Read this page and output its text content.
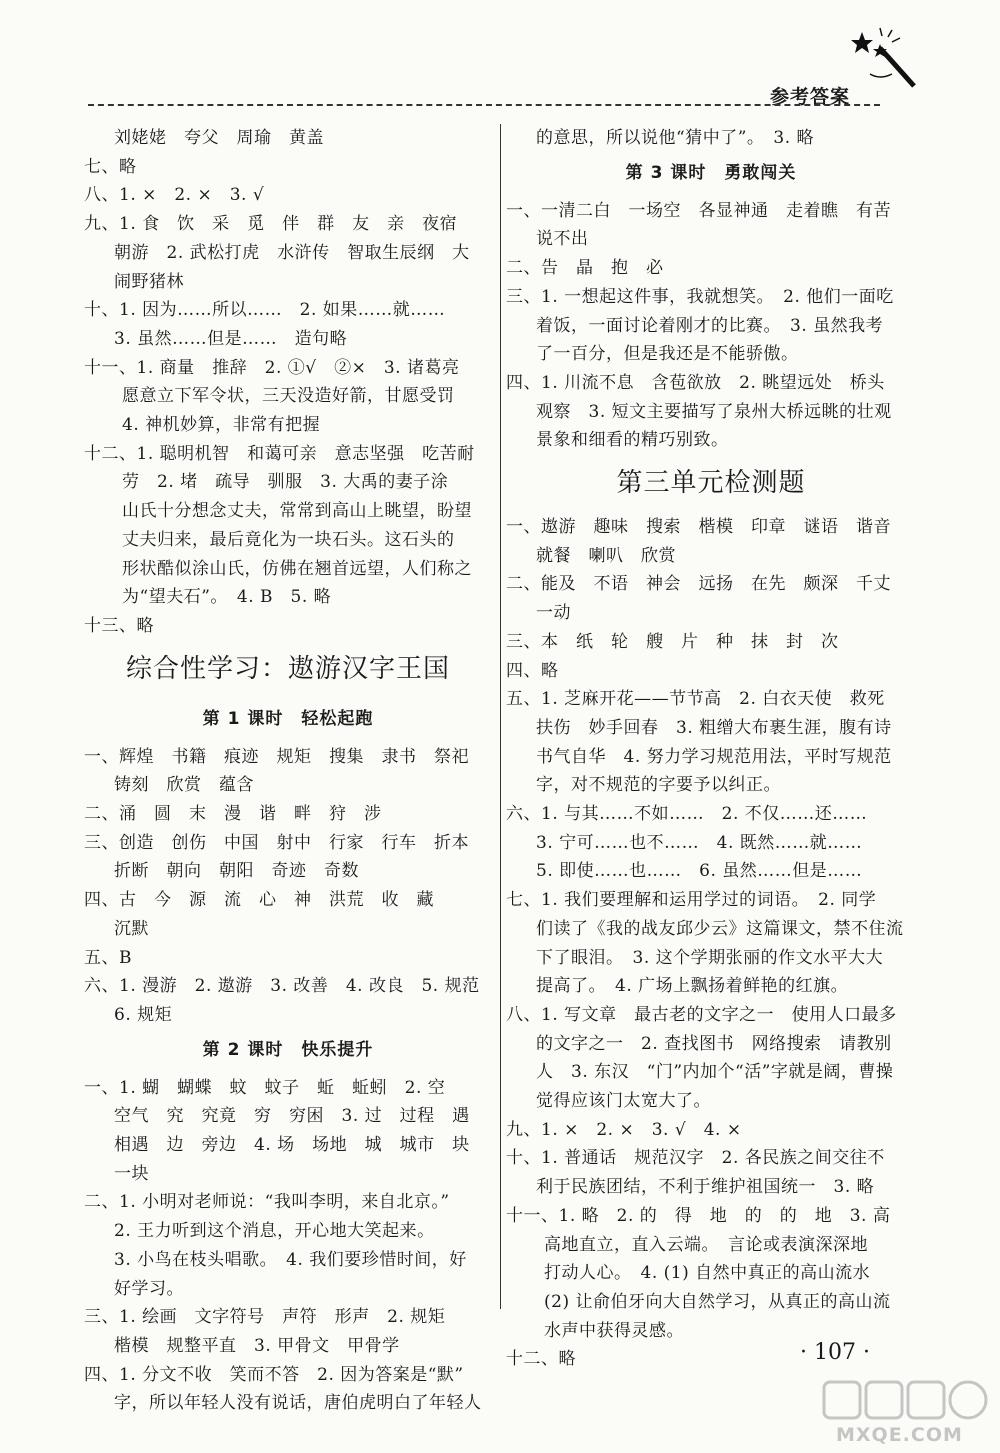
参考答案
刘姥姥　夸父　周瑜　黄盖
七、略
八、1. ×　2. ×　3. √
九、1. 食　饮　采　觅　伴　群　友　亲　夜宿
朝游　2. 武松打虎　水浒传　智取生辰纲　大
闹野猪林
十、1. 因为……所以……　2. 如果……就……
3. 虽然……但是……　造句略
十一、1. 商量　推辞　2. ①√　②×　3. 诸葛亮
愿意立下军令状，三天没造好箭，甘愿受罚
4. 神机妙算，非常有把握
十二、1. 聪明机智　和蔼可亲　意志坚强　吃苦耐
劳　2. 堵　疏导　驯服　3. 大禹的妻子涂
山氏十分想念丈夫，常常到高山上眺望，盼望
丈夫归来，最后竟化为一块石头。这石头的
形状酷似涂山氏，仿佛在翘首远望，人们称之
为“望夫石”。　4. B　5. 略
十三、略
综合性学习：遨游汉字王国
第 1 课时　轻松起跑
一、辉煌　书籍　痕迹　规矩　搜集　隶书　祭祀
铸刻　欣赏　蕴含
二、涌　圆　末　漫　谐　畔　狩　涉
三、创造　创伤　中国　射中　行家　行车　折本
折断　朝向　朝阳　奇迹　奇数
四、古　今　源　流　心　神　洪荒　收　藏
沉默
五、B
六、1. 漫游　2. 遨游　3. 改善　4. 改良　5. 规范
6. 规矩
第 2 课时　快乐提升
一、1. 蝴　蝴蝶　蚊　蚊子　蚯　蚯蚓　2. 空
空气　究　究竟　穷　穷困　3. 过　过程　遇
相遇　边　旁边　4. 场　场地　城　城市　块
一块
二、1. 小明对老师说：“我叫李明，来自北京。”
2. 王力听到这个消息，开心地大笑起来。
3. 小鸟在枝头唱歌。　4. 我们要珍惜时间，好
好学习。
三、1. 绘画　文字符号　声符　形声　2. 规矩
楷模　规整平直　3. 甲骨文　甲骨学
四、1. 分文不收　笑而不答　2. 因为答案是“默”
字，所以年轻人没有说话，唐伯虎明白了年轻人
的意思，所以说他“猜中了”。　3. 略
第 3 课时　勇敢闯关
一、一清二白　一场空　各显神通　走着瞧　有苦
说不出
二、告　晶　抱　必
三、1. 一想起这件事，我就想笑。　2. 他们一面吃
着饭，一面讨论着刚才的比赛。　3. 虽然我考
了一百分，但是我还是不能骄傲。
四、1. 川流不息　含苞欲放　2. 眺望远处　桥头
观察　3. 短文主要描写了泉州大桥远眺的壮观
景象和细看的精巧别致。
第三单元检测题
一、遨游　趣味　搜索　楷模　印章　谜语　谐音
就餐　喇叭　欣赏
二、能及　不语　神会　远扬　在先　颇深　千丈
一动
三、本　纸　轮　艘　片　种　抹　封　次
四、略
五、1. 芝麻开花——节节高　2. 白衣天使　救死
扶伤　妙手回春　3. 粗缯大布裹生涯，腹有诗
书气自华　4. 努力学习规范用法，平时写规范
字，对不规范的字要予以纠正。
六、1. 与其……不如……　2. 不仅……还……
3. 宁可……也不……　4. 既然……就……
5. 即使……也……　6. 虽然……但是……
七、1. 我们要理解和运用学过的词语。　2. 同学
们读了《我的战友邱少云》这篇课文，禁不住流
下了眼泪。　3. 这个学期张丽的作文水平大大
提高了。　4. 广场上飘扬着鲜艳的红旗。
八、1. 写文章　最古老的文字之一　使用人口最多
的文字之一　2. 查找图书　网络搜索　请教别
人　3. 东汉　“门”内加个“活”字就是阔，曹操
觉得应该门太宽大了。
九、1. ×　2. ×　3. √　4. ×
十、1. 普通话　规范汉字　2. 各民族之间交往不
利于民族团结，不利于维护祖国统一　3. 略
十一、1. 略　2. 的　得　地　的　的　地　3. 高
高地直立，直入云端。　言论或表演深深地
打动人心。　4. (1) 自然中真正的高山流水
(2) 让俞伯牙向大自然学习，从真正的高山流
水声中获得灵感。
十二、略	· 107 ·
MXQE.COM
